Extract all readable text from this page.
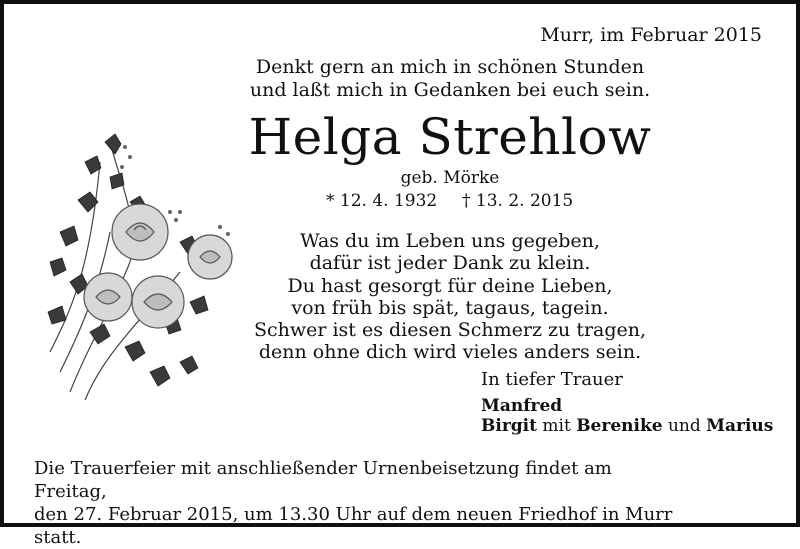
Murr, im Februar 2015
Denkt gern an mich in schönen Stunden
und laßt mich in Gedanken bei euch sein.
Helga Strehlow
geb. Mörke
* 12. 4. 1932 † 13. 2. 2015
Was du im Leben uns gegeben,
dafür ist jeder Dank zu klein.
Du hast gesorgt für deine Lieben,
von früh bis spät, tagaus, tagein.
Schwer ist es diesen Schmerz zu tragen,
denn ohne dich wird vieles anders sein.
In tiefer Trauer
Manfred
Birgit mit Berenike und Marius
Die Trauerfeier mit anschließender Urnenbeisetzung findet am Freitag,
den 27. Februar 2015, um 13.30 Uhr auf dem neuen Friedhof in Murr statt.
